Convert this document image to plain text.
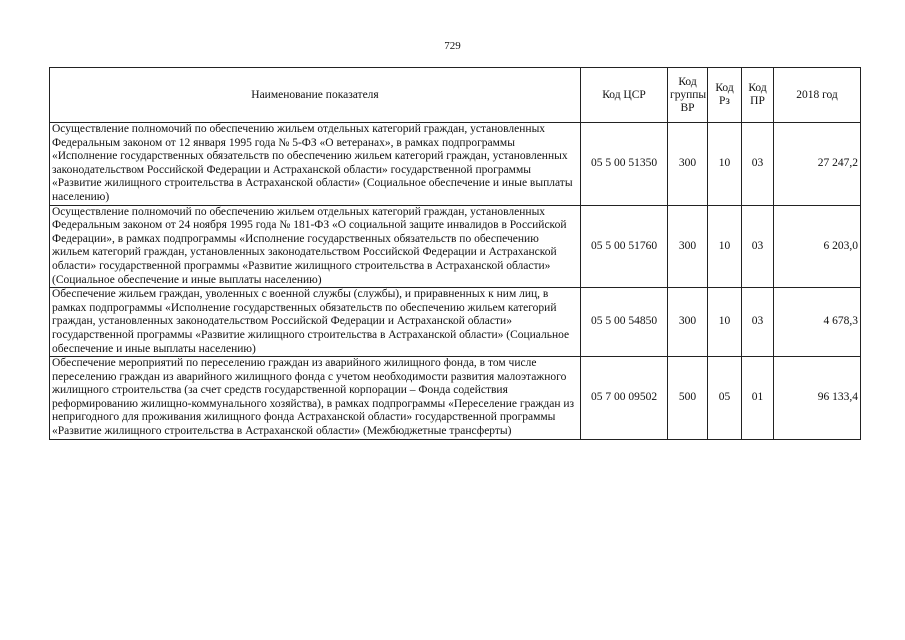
729
Наименование показателя	Код ЦСР	Код группы ВР	Код Рз	Код ПР	2018 год
Осуществление полномочий по обеспечению жильем отдельных категорий граждан, установленных Федеральным законом от 12 января 1995 года № 5-ФЗ «О ветеранах», в рамках подпрограммы «Исполнение государственных обязательств по обеспечению жильем категорий граждан, установленных законодательством Российской Федерации и Астраханской области» государственной программы «Развитие жилищного строительства в Астраханской области» (Социальное обеспечение и иные выплаты населению)	05 5 00 51350	300	10	03	27 247,2
Осуществление полномочий по обеспечению жильем отдельных категорий граждан, установленных Федеральным законом от 24 ноября 1995 года № 181-ФЗ «О социальной защите инвалидов в Российской Федерации», в рамках подпрограммы «Исполнение государственных обязательств по обеспечению жильем категорий граждан, установленных законодательством Российской Федерации и Астраханской области» государственной программы «Развитие жилищного строительства в Астраханской области» (Социальное обеспечение и иные выплаты населению)	05 5 00 51760	300	10	03	6 203,0
Обеспечение жильем граждан, уволенных с военной службы (службы), и приравненных к ним лиц, в рамках подпрограммы «Исполнение государственных обязательств по обеспечению жильем категорий граждан, установленных законодательством Российской Федерации и Астраханской области» государственной программы «Развитие жилищного строительства в Астраханской области» (Социальное обеспечение и иные выплаты населению)	05 5 00 54850	300	10	03	4 678,3
Обеспечение мероприятий по переселению граждан из аварийного жилищного фонда, в том числе переселению граждан из аварийного жилищного фонда с учетом необходимости развития малоэтажного жилищного строительства (за счет средств государственной корпорации – Фонда содействия реформированию жилищно-коммунального хозяйства), в рамках подпрограммы «Переселение граждан из непригодного для проживания жилищного фонда Астраханской области» государственной программы «Развитие жилищного строительства в Астраханской области» (Межбюджетные трансферты)	05 7 00 09502	500	05	01	96 133,4
